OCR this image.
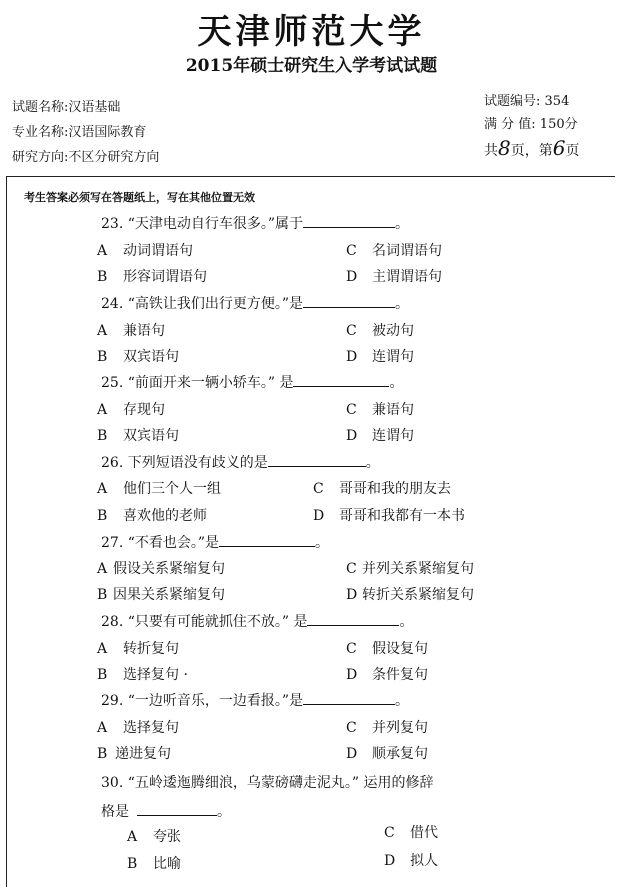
天津师范大学
2015年硕士研究生入学考试试题
试题名称:汉语基础
专业名称:汉语国际教育
研究方向:不区分研究方向
试题编号: 354
满 分 值: 150分
共8页，第6页
考生答案必须写在答题纸上，写在其他位置无效
23. “天津电动自行车很多。”属于	。
A 动词谓语句	C 名词谓语句
B 形容词谓语句	D 主谓谓语句
24. “高铁让我们出行更方便。”是	。
A 兼语句	C 被动句
B 双宾语句	D 连谓句
25. “前面开来一辆小轿车。” 是	。
A 存现句	C 兼语句
B 双宾语句	D 连谓句
26. 下列短语没有歧义的是	。
A 他们三个人一组	C 哥哥和我的朋友去
B 喜欢他的老师	D 哥哥和我都有一本书
27. “不看也会。”是	。
A 假设关系紧缩复句	C 并列关系紧缩复句
B 因果关系紧缩复句	D 转折关系紧缩复句
28. “只要有可能就抓住不放。” 是	。
A 转折复句	C 假设复句
B 选择复句 ·	D 条件复句
29. “一边听音乐，一边看报。”是	。
A 选择复句	C 并列复句
B 递进复句	D 顺承复句
30. “五岭逶迤腾细浪，乌蒙磅礴走泥丸。” 运用的修辞
格是	。
A 夸张	C 借代
B 比喻	D 拟人
